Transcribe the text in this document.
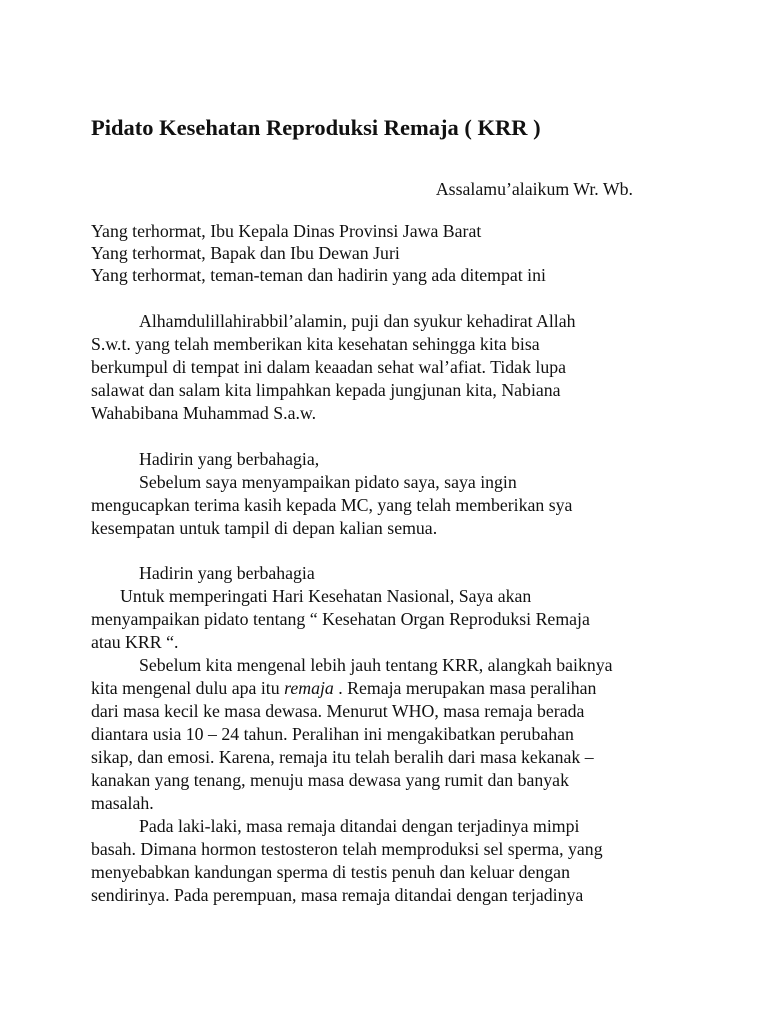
Pidato Kesehatan Reproduksi Remaja ( KRR )
Assalamu’alaikum Wr. Wb.
Yang terhormat, Ibu Kepala Dinas Provinsi Jawa Barat
Yang terhormat, Bapak dan Ibu Dewan Juri
Yang terhormat, teman-teman dan hadirin yang ada ditempat ini
Alhamdulillahirabbil’alamin, puji dan syukur kehadirat Allah
S.w.t. yang telah memberikan kita kesehatan sehingga kita bisa
berkumpul di tempat ini dalam keaadan sehat wal’afiat. Tidak lupa
salawat dan salam kita limpahkan kepada jungjunan kita, Nabiana
Wahabibana Muhammad S.a.w.
Hadirin yang berbahagia,
Sebelum saya menyampaikan pidato saya, saya ingin
mengucapkan terima kasih kepada MC, yang telah memberikan sya
kesempatan untuk tampil di depan kalian semua.
Hadirin yang berbahagia
Untuk memperingati Hari Kesehatan Nasional, Saya akan
menyampaikan pidato tentang “ Kesehatan Organ Reproduksi Remaja
atau KRR “.
Sebelum kita mengenal lebih jauh tentang KRR, alangkah baiknya
kita mengenal dulu apa itu remaja . Remaja merupakan masa peralihan
dari masa kecil ke masa dewasa. Menurut WHO, masa remaja berada
diantara usia 10 – 24 tahun. Peralihan ini mengakibatkan perubahan
sikap, dan emosi. Karena, remaja itu telah beralih dari masa kekanak –
kanakan yang tenang, menuju masa dewasa yang rumit dan banyak
masalah.
Pada laki-laki, masa remaja ditandai dengan terjadinya mimpi
basah. Dimana hormon testosteron telah memproduksi sel sperma, yang
menyebabkan kandungan sperma di testis penuh dan keluar dengan
sendirinya. Pada perempuan, masa remaja ditandai dengan terjadinya
